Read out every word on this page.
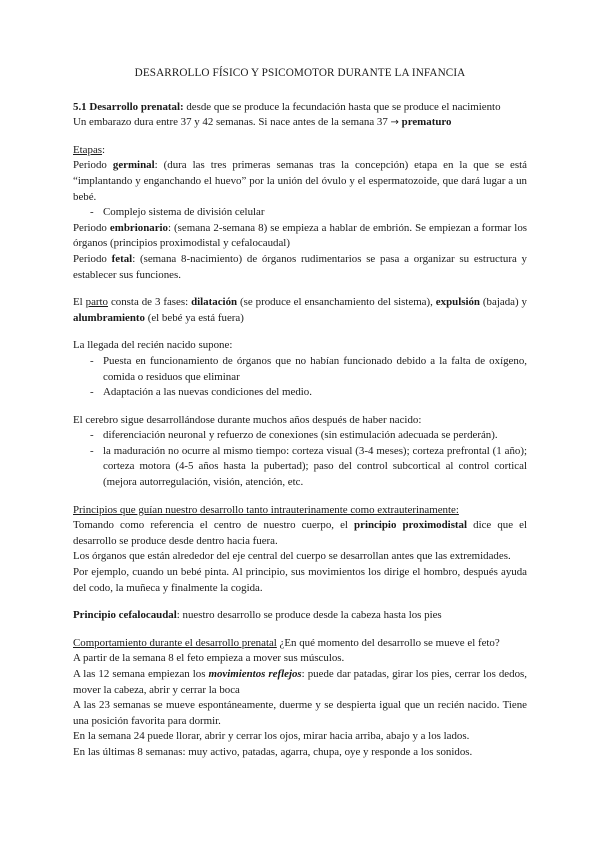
DESARROLLO FÍSICO Y PSICOMOTOR DURANTE LA INFANCIA

5.1 Desarrollo prenatal: desde que se produce la fecundación hasta que se produce el nacimiento

Un embarazo dura entre 37 y 42 semanas. Si nace antes de la semana 37 → prematuro

Etapas:

Periodo germinal: (dura las tres primeras semanas tras la concepción) etapa en la que se está “implantando y enganchando el huevo” por la unión del óvulo y el espermatozoide, que dará lugar a un bebé.

- Complejo sistema de división celular

Periodo embrionario: (semana 2-semana 8) se empieza a hablar de embrión. Se empiezan a formar los órganos (principios proximodistal y cefalocaudal)

Periodo fetal: (semana 8-nacimiento) de órganos rudimentarios se pasa a organizar su estructura y establecer sus funciones.

El parto consta de 3 fases: dilatación (se produce el ensanchamiento del sistema), expulsión (bajada) y alumbramiento (el bebé ya está fuera)

La llegada del recién nacido supone:

- Puesta en funcionamiento de órganos que no habían funcionado debido a la falta de oxígeno, comida o residuos que eliminar
- Adaptación a las nuevas condiciones del medio.

El cerebro sigue desarrollándose durante muchos años después de haber nacido:

- diferenciación neuronal y refuerzo de conexiones (sin estimulación adecuada se perderán).
- la maduración no ocurre al mismo tiempo: corteza visual (3-4 meses); corteza prefrontal (1 año); corteza motora (4-5 años hasta la pubertad); paso del control subcortical al control cortical (mejora autorregulación, visión, atención, etc.

Principios que guían nuestro desarrollo tanto intrauterinamente como extrauterinamente:

Tomando como referencia el centro de nuestro cuerpo, el principio proximodistal dice que el desarrollo se produce desde dentro hacia fuera.

Los órganos que están alrededor del eje central del cuerpo se desarrollan antes que las extremidades.

Por ejemplo, cuando un bebé pinta. Al principio, sus movimientos los dirige el hombro, después ayuda del codo, la muñeca y finalmente la cogida.

Principio cefalocaudal: nuestro desarrollo se produce desde la cabeza hasta los pies

Comportamiento durante el desarrollo prenatal ¿En qué momento del desarrollo se mueve el feto?

A partir de la semana 8 el feto empieza a mover sus músculos.

A las 12 semana empiezan los movimientos reflejos: puede dar patadas, girar los pies, cerrar los dedos, mover la cabeza, abrir y cerrar la boca

A las 23 semanas se mueve espontáneamente, duerme y se despierta igual que un recién nacido. Tiene una posición favorita para dormir.

En la semana 24 puede llorar, abrir y cerrar los ojos, mirar hacia arriba, abajo y a los lados.

En las últimas 8 semanas: muy activo, patadas, agarra, chupa, oye y responde a los sonidos.
